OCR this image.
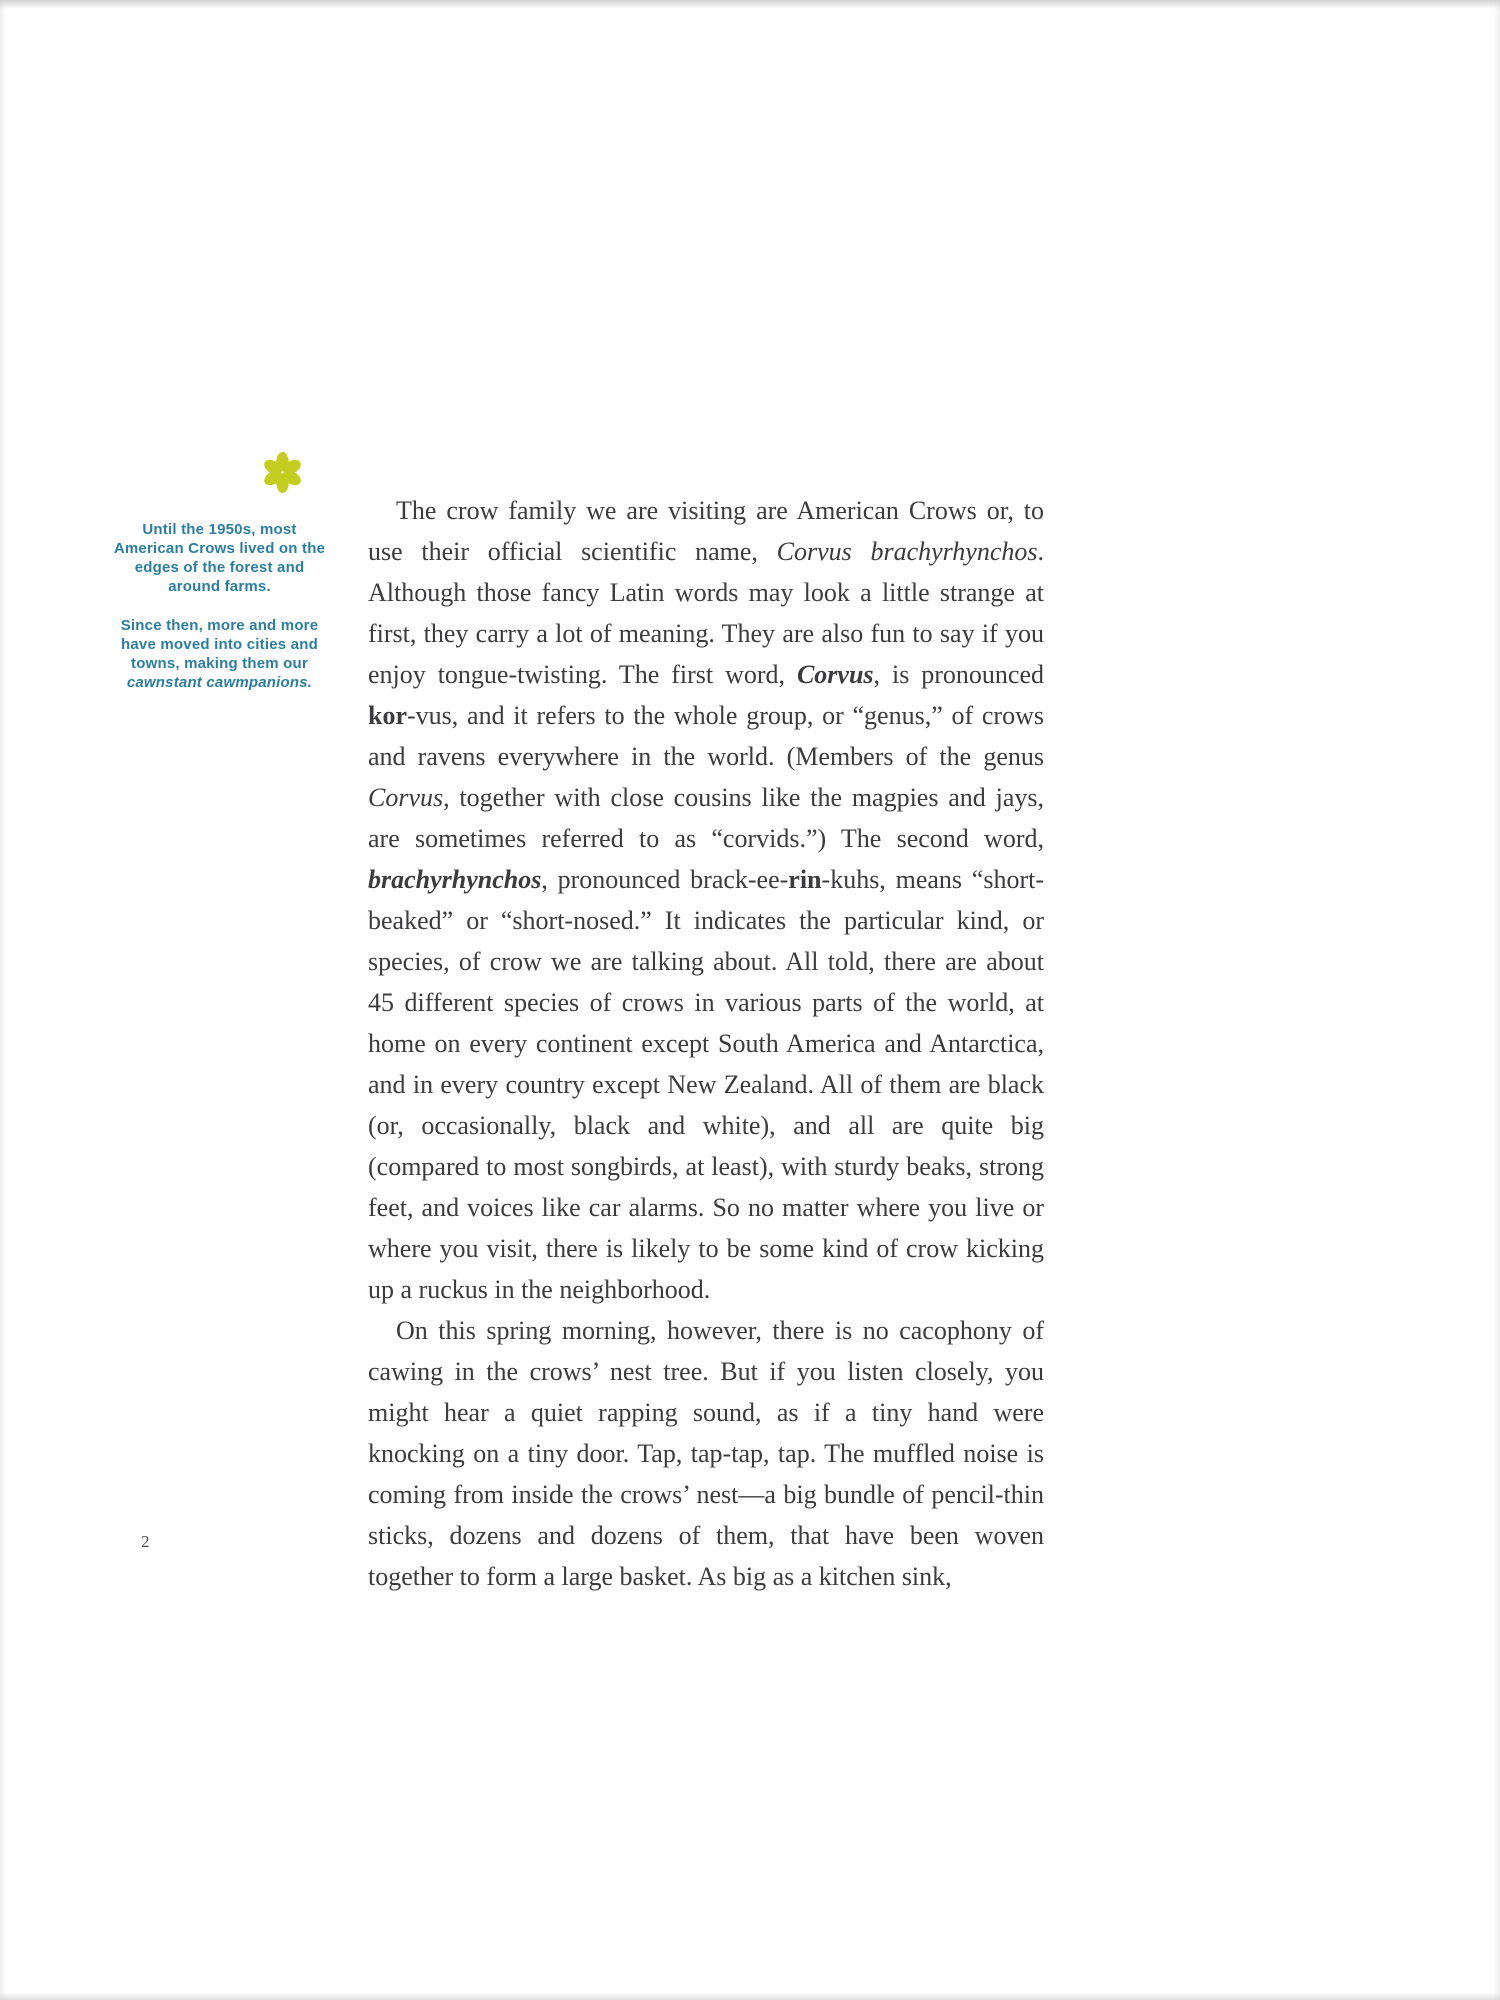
Until the 1950s, most American Crows lived on the edges of the forest and around farms.
Since then, more and more have moved into cities and towns, making them our cawnstant cawmpanions.

The crow family we are visiting are American Crows or, to use their official scientific name, Corvus brachyrhynchos. Although those fancy Latin words may look a little strange at first, they carry a lot of meaning. They are also fun to say if you enjoy tongue-twisting. The first word, Corvus, is pronounced kor-vus, and it refers to the whole group, or “genus,” of crows and ravens everywhere in the world. (Members of the genus Corvus, together with close cousins like the magpies and jays, are sometimes referred to as “corvids.”) The second word, brachyrhynchos, pronounced brack-ee-rin-kuhs, means “short-beaked” or “short-nosed.” It indicates the particular kind, or species, of crow we are talking about. All told, there are about 45 different species of crows in various parts of the world, at home on every continent except South America and Antarctica, and in every country except New Zealand. All of them are black (or, occasionally, black and white), and all are quite big (compared to most songbirds, at least), with sturdy beaks, strong feet, and voices like car alarms. So no matter where you live or where you visit, there is likely to be some kind of crow kicking up a ruckus in the neighborhood.

On this spring morning, however, there is no cacophony of cawing in the crows’ nest tree. But if you listen closely, you might hear a quiet rapping sound, as if a tiny hand were knocking on a tiny door. Tap, tap-tap, tap. The muffled noise is coming from inside the crows’ nest—a big bundle of pencil-thin sticks, dozens and dozens of them, that have been woven together to form a large basket. As big as a kitchen sink,

2
